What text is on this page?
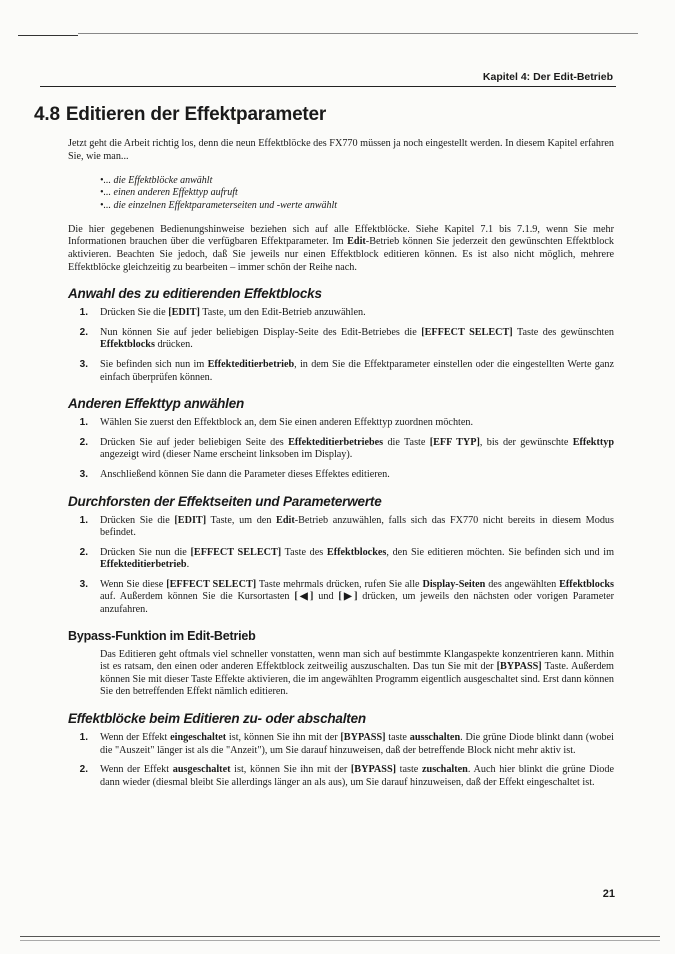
Kapitel 4: Der Edit-Betrieb
4.8 Editieren der Effektparameter

Jetzt geht die Arbeit richtig los, denn die neun Effektblöcke des FX770 müssen ja noch eingestellt werden. In diesem Kapitel erfahren Sie, wie man...

•... die Effektblöcke anwählt
•... einen anderen Effekttyp aufruft
•... die einzelnen Effektparameterseiten und -werte anwählt

Die hier gegebenen Bedienungshinweise beziehen sich auf alle Effektblöcke. Siehe Kapitel 7.1 bis 7.1.9, wenn Sie mehr Informationen brauchen über die verfügbaren Effektparameter. Im Edit-Betrieb können Sie jederzeit den gewünschten Effektblock aktivieren. Beachten Sie jedoch, daß Sie jeweils nur einen Effektblock editieren können. Es ist also nicht möglich, mehrere Effektblöcke gleichzeitig zu bearbeiten – immer schön der Reihe nach.

Anwahl des zu editierenden Effektblocks
1. Drücken Sie die [EDIT] Taste, um den Edit-Betrieb anzuwählen.
2. Nun können Sie auf jeder beliebigen Display-Seite des Edit-Betriebes die [EFFECT SELECT] Taste des gewünschten Effektblocks drücken.
3. Sie befinden sich nun im Effekteditierbetrieb, in dem Sie die Effektparameter einstellen oder die eingestellten Werte ganz einfach überprüfen können.
Anderen Effekttyp anwählen
1. Wählen Sie zuerst den Effektblock an, dem Sie einen anderen Effekttyp zuordnen möchten.
2. Drücken Sie auf jeder beliebigen Seite des Effekteditierbetriebes die Taste [EFF TYP], bis der gewünschte Effekttyp angezeigt wird (dieser Name erscheint linksoben im Display).
3. Anschließend können Sie dann die Parameter dieses Effektes editieren.
Durchforsten der Effektseiten und Parameterwerte
1. Drücken Sie die [EDIT] Taste, um den Edit-Betrieb anzuwählen, falls sich das FX770 nicht bereits in diesem Modus befindet.
2. Drücken Sie nun die [EFFECT SELECT] Taste des Effektblockes, den Sie editieren möchten. Sie befinden sich und im Effekteditierbetrieb.
3. Wenn Sie diese [EFFECT SELECT] Taste mehrmals drücken, rufen Sie alle Display-Seiten des angewählten Effektblocks auf. Außerdem können Sie die Kursortasten [◀] und [▶] drücken, um jeweils den nächsten oder vorigen Parameter anzufahren.
Bypass-Funktion im Edit-Betrieb

Das Editieren geht oftmals viel schneller vonstatten, wenn man sich auf bestimmte Klangaspekte konzentrieren kann. Mithin ist es ratsam, den einen oder anderen Effektblock zeitweilig auszuschalten. Das tun Sie mit der [BYPASS] Taste. Außerdem können Sie mit dieser Taste Effekte aktivieren, die im angewählten Programm eigentlich ausgeschaltet sind. Erst dann können Sie den betreffenden Effekt nämlich editieren.

Effektblöcke beim Editieren zu- oder abschalten
1. Wenn der Effekt eingeschaltet ist, können Sie ihn mit der [BYPASS] taste ausschalten. Die grüne Diode blinkt dann (wobei die "Auszeit" länger ist als die "Anzeit"), um Sie darauf hinzuweisen, daß der betreffende Block nicht mehr aktiv ist.
2. Wenn der Effekt ausgeschaltet ist, können Sie ihn mit der [BYPASS] taste zuschalten. Auch hier blinkt die grüne Diode dann wieder (diesmal bleibt Sie allerdings länger an als aus), um Sie darauf hinzuweisen, daß der Effekt eingeschaltet ist.
21
